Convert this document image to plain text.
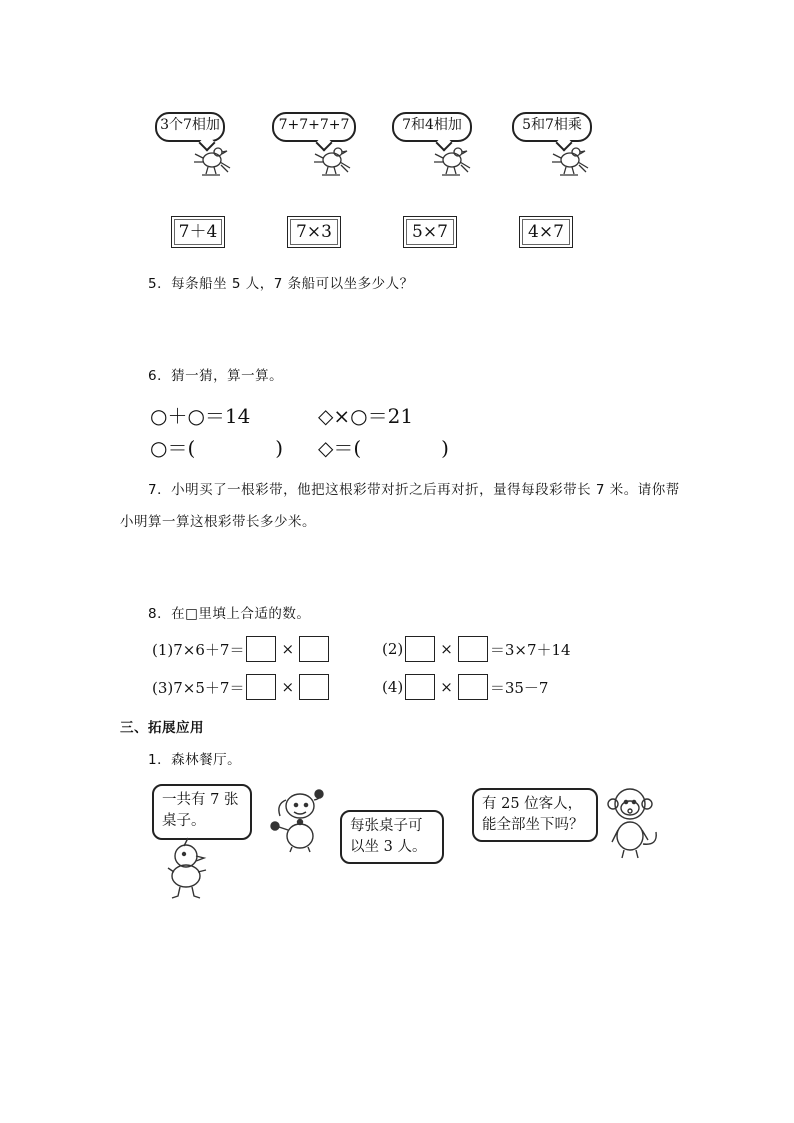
3个7相加	7+7+7+7	7和4相加	5和7相乘
7＋4	7×3	5×7	4×7
5．每条船坐 5 人，7 条船可以坐多少人？
6．猜一猜，算一算。
○＋○＝14	◇×○＝21
○＝(　　　　) ◇＝(　　　　)
7．小明买了一根彩带，他把这根彩带对折之后再对折，量得每段彩带长 7 米。请你帮
小明算一算这根彩带长多少米。
8．在□里填上合适的数。
(1)7×6＋7＝ ×	(2) × ＝3×7＋14
(3)7×5＋7＝ ×	(4) × ＝35－7
三、拓展应用
1．森林餐厅。
一共有 7 张
桌子。	每张桌子可
以坐 3 人。
有 25 位客人，
能全部坐下吗？
